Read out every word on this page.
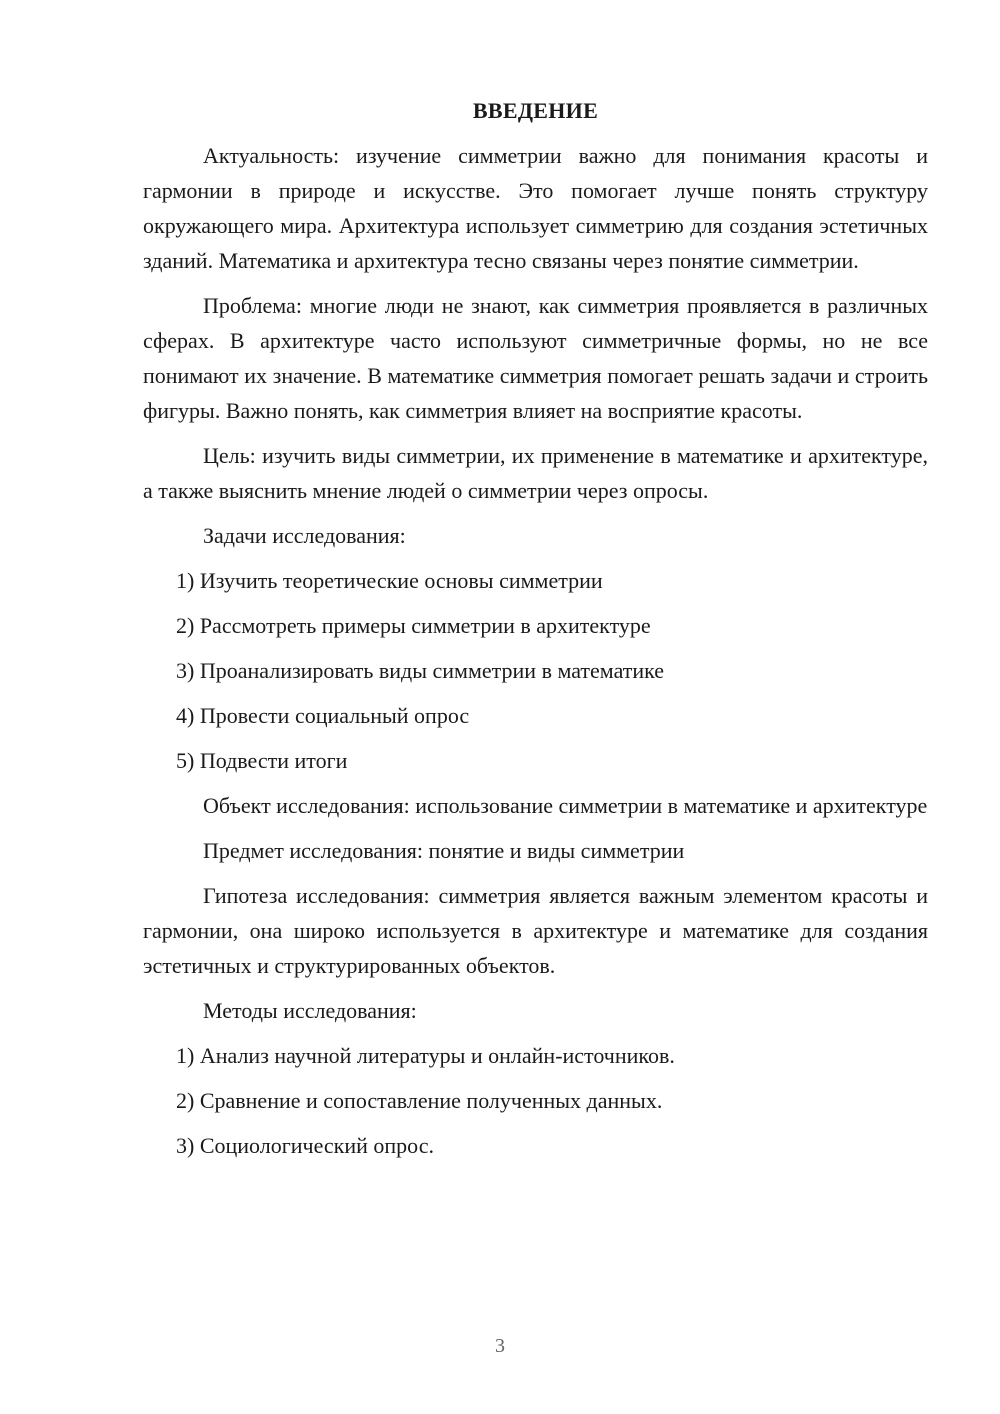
ВВЕДЕНИЕ

Актуальность: изучение симметрии важно для понимания красоты и гармонии в природе и искусстве. Это помогает лучше понять структуру окружающего мира. Архитектура использует симметрию для создания эстетичных зданий. Математика и архитектура тесно связаны через понятие симметрии.

Проблема: многие люди не знают, как симметрия проявляется в различных сферах. В архитектуре часто используют симметричные формы, но не все понимают их значение. В математике симметрия помогает решать задачи и строить фигуры. Важно понять, как симметрия влияет на восприятие красоты.

Цель: изучить виды симметрии, их применение в математике и архитектуре, а также выяснить мнение людей о симметрии через опросы.

Задачи исследования:

1) Изучить теоретические основы симметрии

2) Рассмотреть примеры симметрии в архитектуре

3) Проанализировать виды симметрии в математике

4) Провести социальный опрос

5) Подвести итоги

Объект исследования: использование симметрии в математике и архитектуре

Предмет исследования: понятие и виды симметрии

Гипотеза исследования: симметрия является важным элементом красоты и гармонии, она широко используется в архитектуре и математике для создания эстетичных и структурированных объектов.

Методы исследования:

1) Анализ научной литературы и онлайн-источников.

2) Сравнение и сопоставление полученных данных.

3) Социологический опрос.

3
